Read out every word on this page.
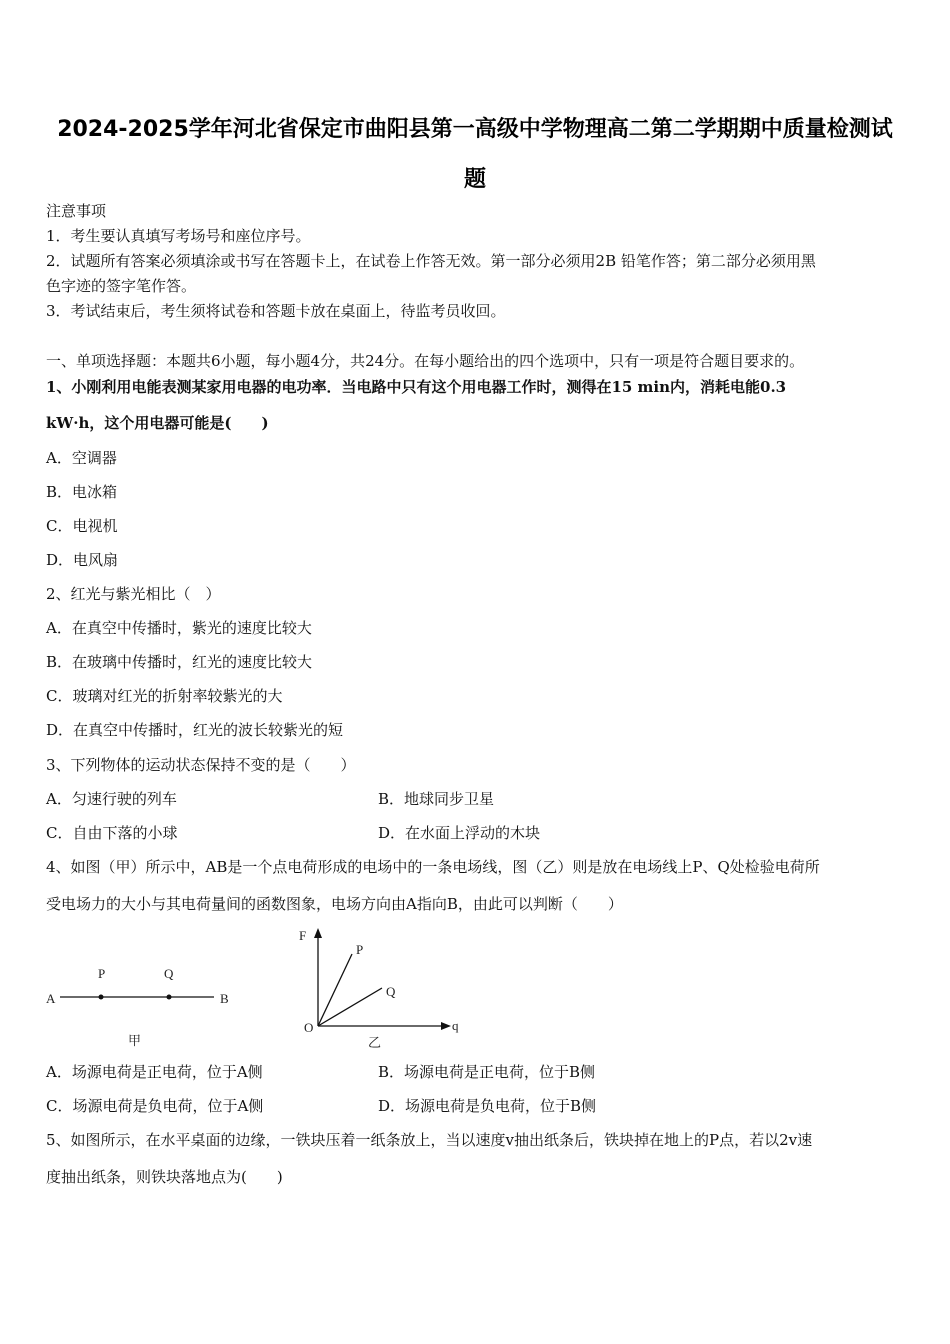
2024-2025学年河北省保定市曲阳县第一高级中学物理高二第二学期期中质量检测试
题
注意事项
1．考生要认真填写考场号和座位序号。
2．试题所有答案必须填涂或书写在答题卡上，在试卷上作答无效。第一部分必须用2B 铅笔作答；第二部分必须用黑
色字迹的签字笔作答。
3．考试结束后，考生须将试卷和答题卡放在桌面上，待监考员收回。
一、单项选择题：本题共6小题，每小题4分，共24分。在每小题给出的四个选项中，只有一项是符合题目要求的。
1、小刚利用电能表测某家用电器的电功率．当电路中只有这个用电器工作时，测得在15 min内，消耗电能0.3
kW·h，这个用电器可能是(　　)
A．空调器
B．电冰箱
C．电视机
D．电风扇
2、红光与紫光相比（　）
A．在真空中传播时，紫光的速度比较大
B．在玻璃中传播时，红光的速度比较大
C．玻璃对红光的折射率较紫光的大
D．在真空中传播时，红光的波长较紫光的短
3、下列物体的运动状态保持不变的是（　　）
A．匀速行驶的列车	B．地球同步卫星
C．自由下落的小球	D．在水面上浮动的木块
4、如图（甲）所示中，AB是一个点电荷形成的电场中的一条电场线，图（乙）则是放在电场线上P、Q处检验电荷所
受电场力的大小与其电荷量间的函数图象，电场方向由A指向B，由此可以判断（　　）
A	B
P	Q
甲
F
q
O
P
Q
乙
A．场源电荷是正电荷，位于A侧	B．场源电荷是正电荷，位于B侧
C．场源电荷是负电荷，位于A侧	D．场源电荷是负电荷，位于B侧
5、如图所示，在水平桌面的边缘，一铁块压着一纸条放上，当以速度v抽出纸条后，铁块掉在地上的P点，若以2v速
度抽出纸条，则铁块落地点为(　　)
